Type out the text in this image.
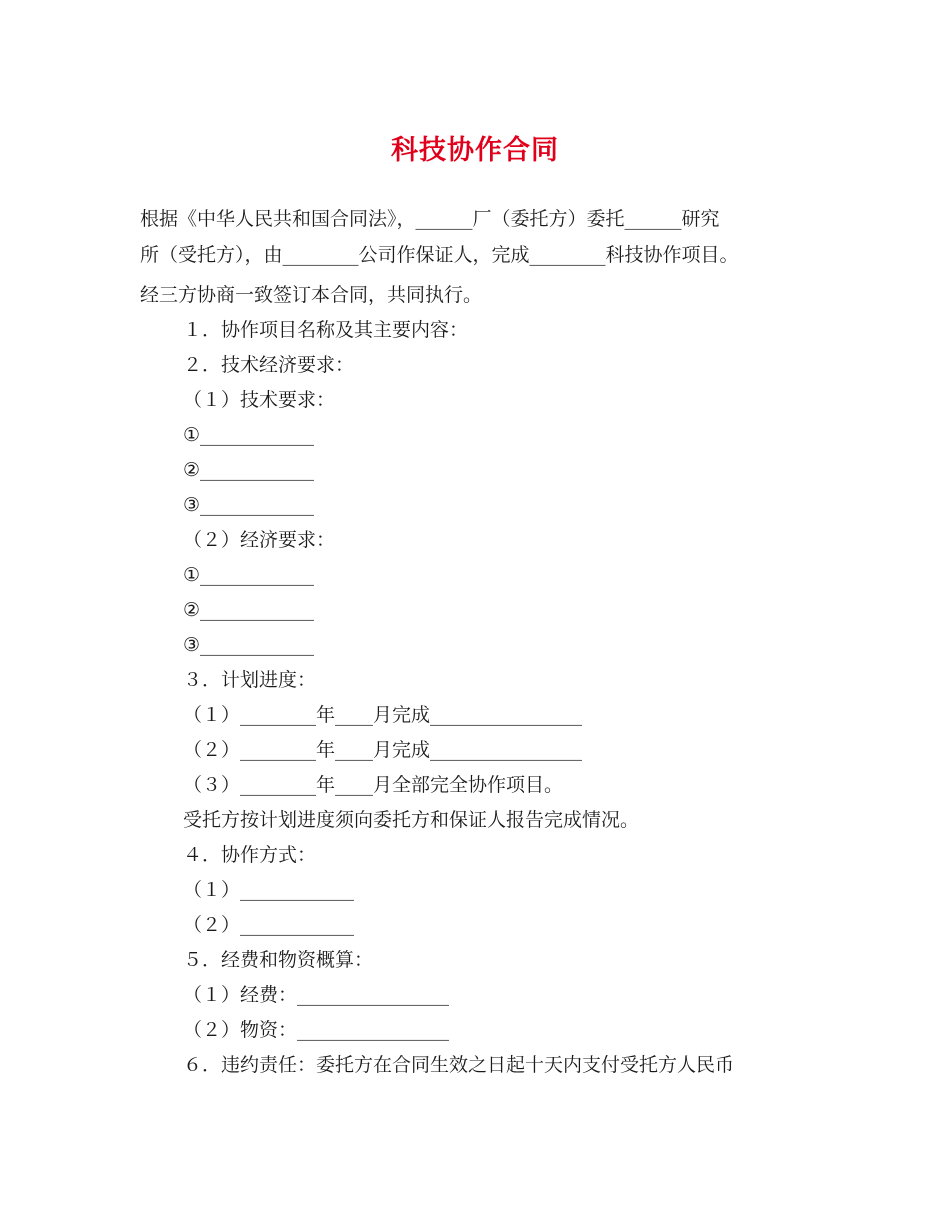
科技协作合同
根据《中华人民共和国合同法》，______厂（委托方）委托______研究
所（受托方），由________公司作保证人，完成________科技协作项目。
经三方协商一致签订本合同，共同执行。
１．协作项目名称及其主要内容：
２．技术经济要求：
（１）技术要求：
①____________
②____________
③____________
（２）经济要求：
①____________
②____________
③____________
３．计划进度：
（１）________年____月完成________________
（２）________年____月完成________________
（３）________年____月全部完全协作项目。
受托方按计划进度须向委托方和保证人报告完成情况。
４．协作方式：
（１）____________
（２）____________
５．经费和物资概算：
（１）经费：________________
（２）物资：________________
６．违约责任：委托方在合同生效之日起十天内支付受托方人民币
